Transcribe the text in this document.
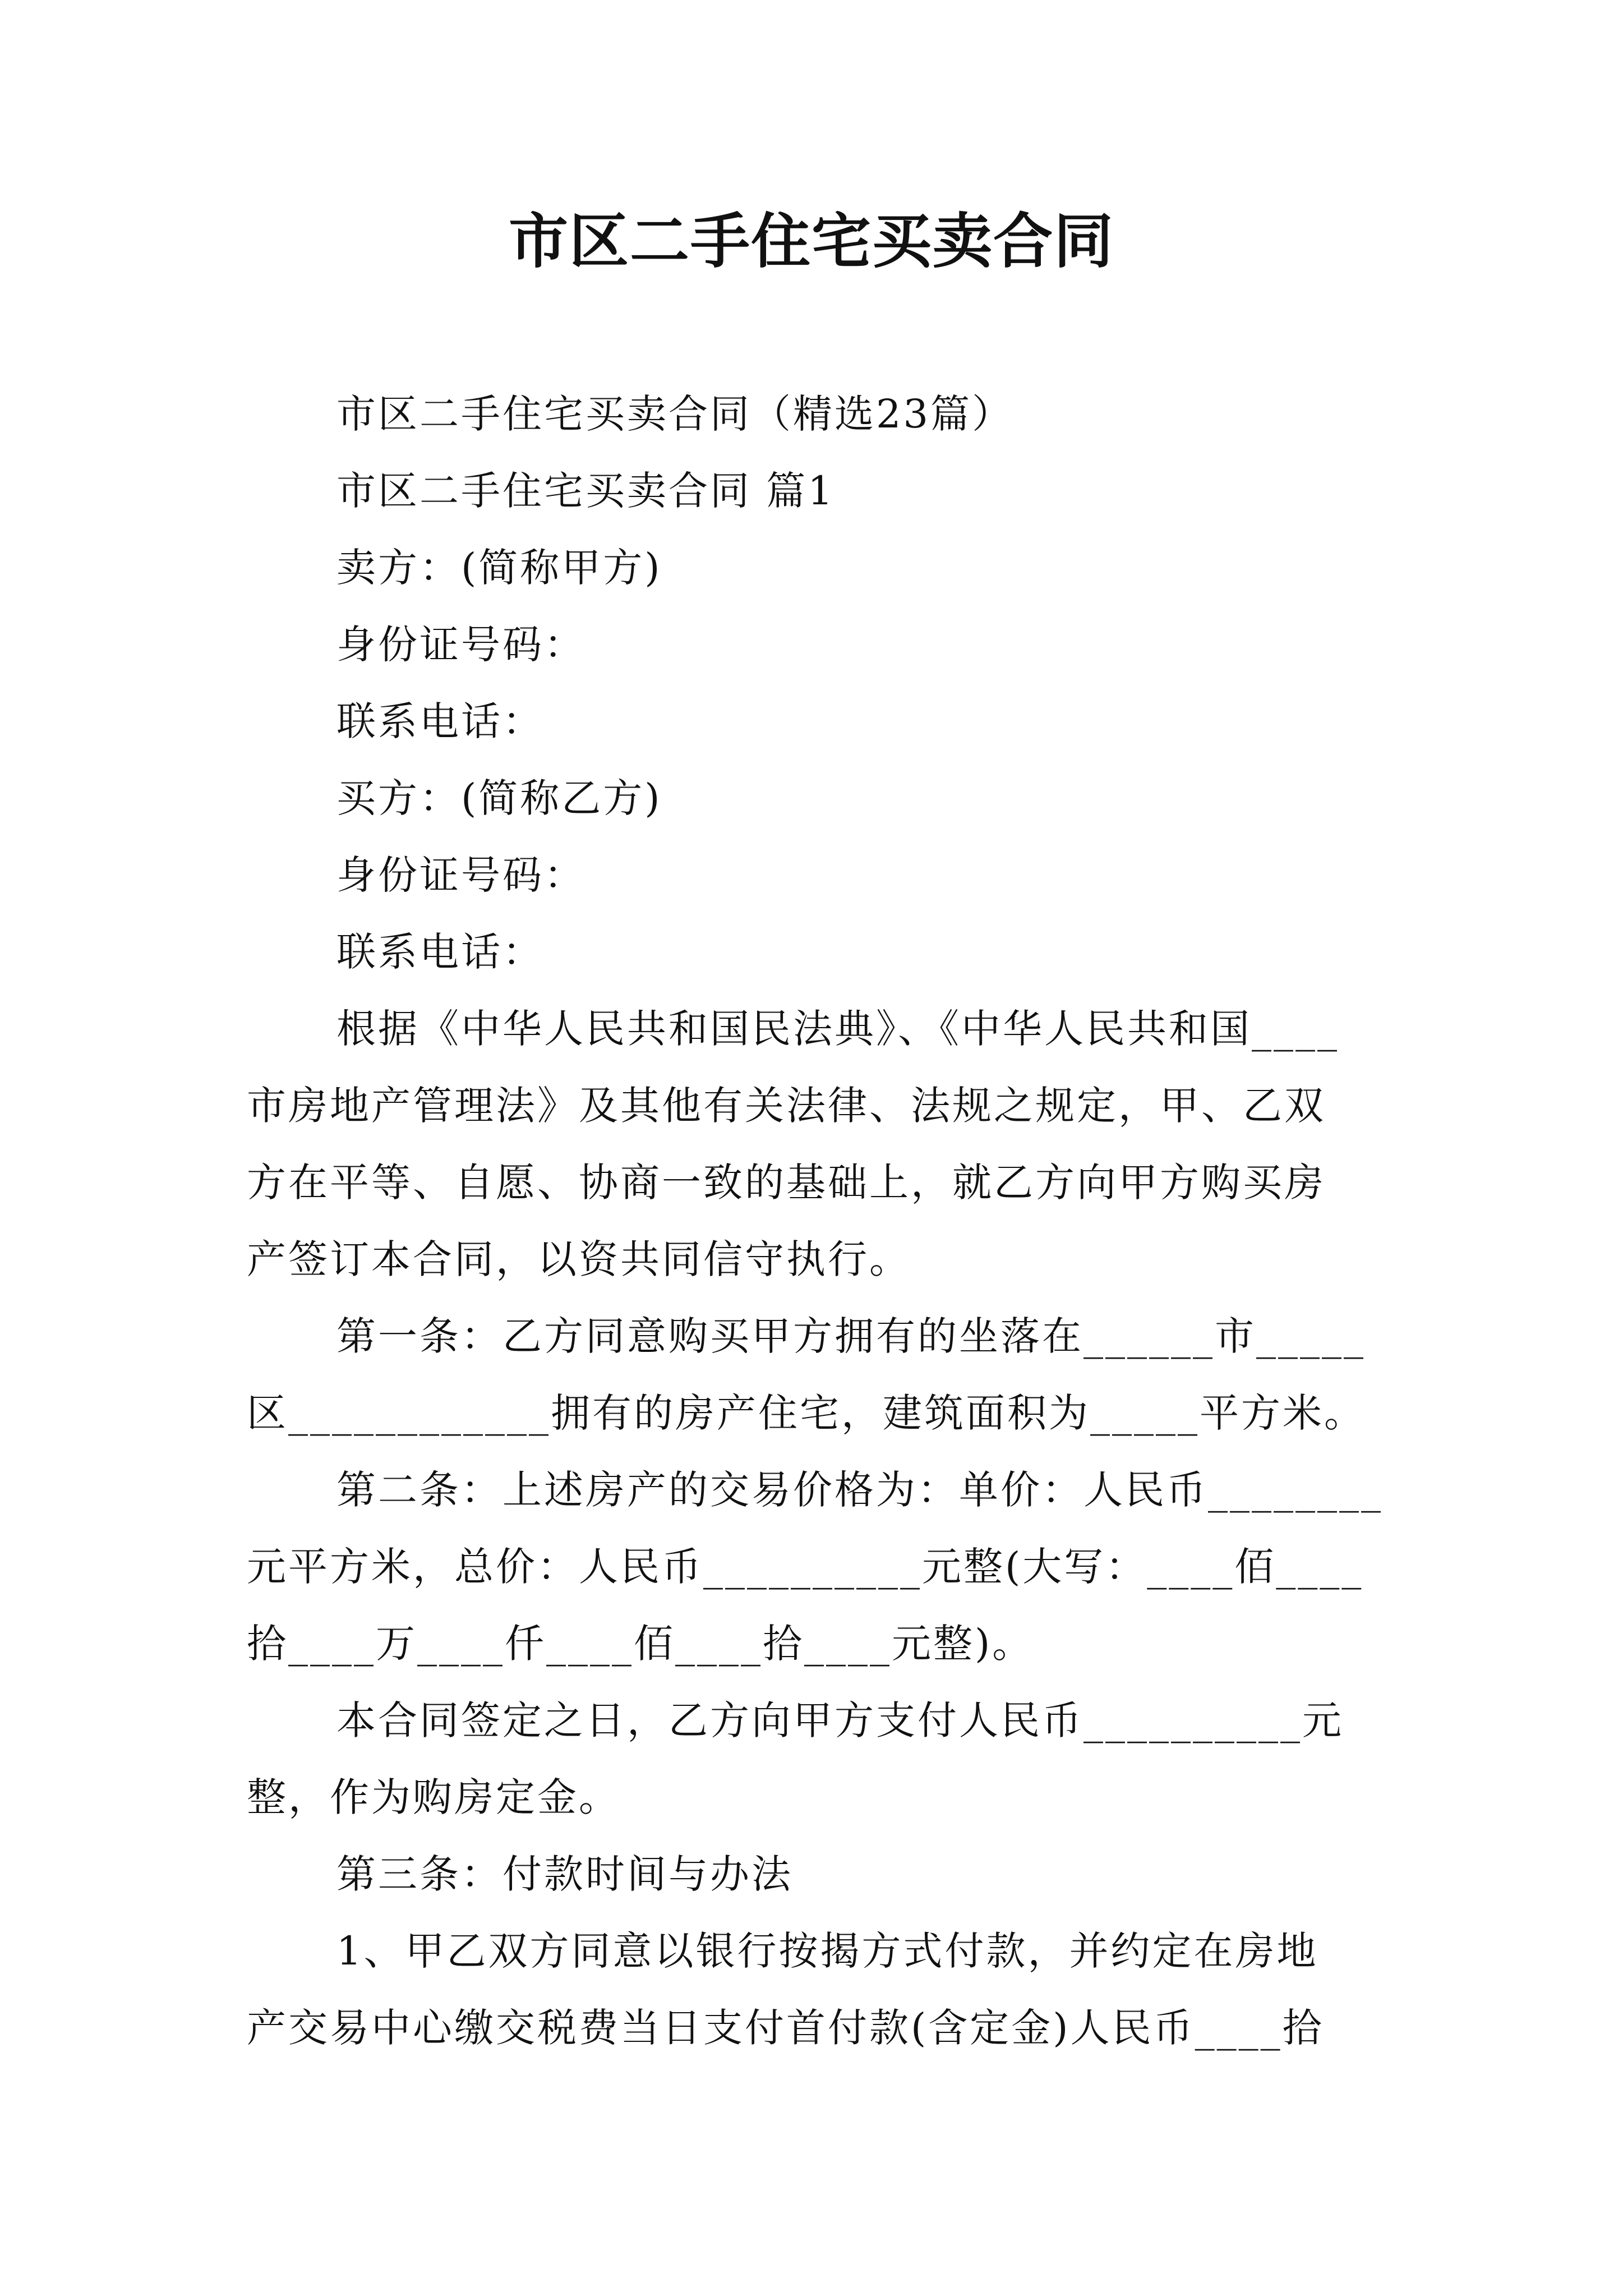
市区二手住宅买卖合同

市区二手住宅买卖合同（精选23篇）

市区二手住宅买卖合同 篇1

卖方：(简称甲方)

身份证号码：

联系电话：

买方：(简称乙方)

身份证号码：

联系电话：

根据《中华人民共和国民法典》、《中华人民共和国____

市房地产管理法》及其他有关法律、法规之规定，甲、乙双

方在平等、自愿、协商一致的基础上，就乙方向甲方购买房

产签订本合同，以资共同信守执行。

第一条：乙方同意购买甲方拥有的坐落在______市_____

区____________拥有的房产住宅，建筑面积为_____平方米。

第二条：上述房产的交易价格为：单价：人民币________

元平方米，总价：人民币__________元整(大写：____佰____

拾____万____仟____佰____拾____元整)。

本合同签定之日，乙方向甲方支付人民币__________元

整，作为购房定金。

第三条：付款时间与办法

1、甲乙双方同意以银行按揭方式付款，并约定在房地

产交易中心缴交税费当日支付首付款(含定金)人民币____拾
